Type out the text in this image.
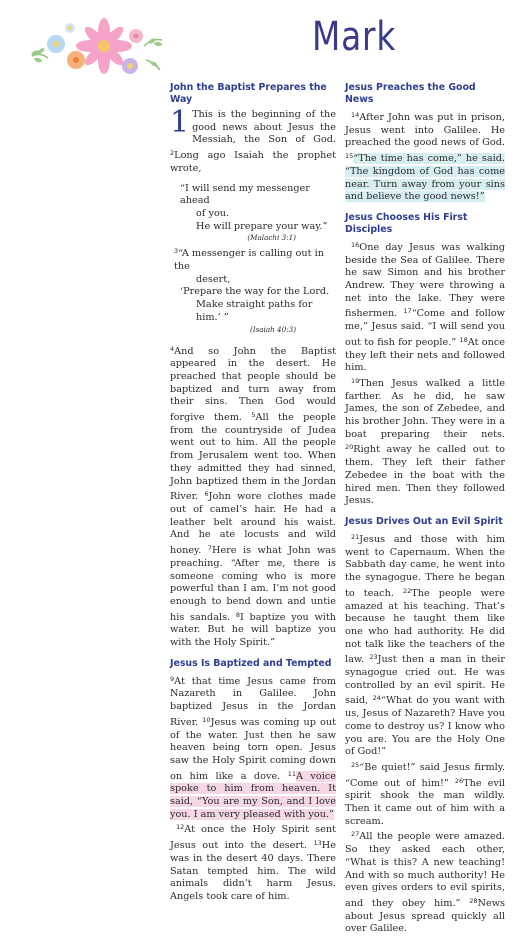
Mark
John the Baptist Prepares the Way

1 This is the beginning of the good news about Jesus the Messiah, the Son of God. $^2$Long ago Isaiah the prophet wrote,

“I will send my messenger ahead
of you.
He will prepare your way.”
(Malachi 3:1)
$^3$“A messenger is calling out in the
desert,
‘Prepare the way for the Lord.
Make straight paths for him.’ ”
(Isaiah 40:3)

$^4$And so John the Baptist appeared in the desert. He preached that people should be baptized and turn away from their sins. Then God would forgive them. $^5$All the people from the countryside of Judea went out to him. All the people from Jerusalem went too. When they admitted they had sinned, John baptized them in the Jordan River. $^6$John wore clothes made out of camel’s hair. He had a leather belt around his waist. And he ate locusts and wild honey. $^7$Here is what John was preaching. “After me, there is someone coming who is more powerful than I am. I’m not good enough to bend down and untie his sandals. $^8$I baptize you with water. But he will baptize you with the Holy Spirit.”

Jesus Is Baptized and Tempted

$^9$At that time Jesus came from Nazareth in Galilee. John baptized Jesus in the Jordan River. $^{10}$Jesus was coming up out of the water. Just then he saw heaven being torn open. Jesus saw the Holy Spirit coming down on him like a dove. $^{11}$A voice spoke to him from heaven. It said, “You are my Son, and I love you. I am very pleased with you.”

$^{12}$At once the Holy Spirit sent Jesus out into the desert. $^{13}$He was in the desert 40 days. There Satan tempted him. The wild animals didn’t harm Jesus. Angels took care of him.

Jesus Preaches the Good News

$^{14}$After John was put in prison, Jesus went into Galilee. He preached the good news of God. $^{15}$“The time has come,” he said. “The kingdom of God has come near. Turn away from your sins and believe the good news!”

Jesus Chooses His First Disciples

$^{16}$One day Jesus was walking beside the Sea of Galilee. There he saw Simon and his brother Andrew. They were throwing a net into the lake. They were fishermen. $^{17}$“Come and follow me,” Jesus said. “I will send you out to fish for people.” $^{18}$At once they left their nets and followed him.

$^{19}$Then Jesus walked a little farther. As he did, he saw James, the son of Zebedee, and his brother John. They were in a boat preparing their nets. $^{20}$Right away he called out to them. They left their father Zebedee in the boat with the hired men. Then they followed Jesus.

Jesus Drives Out an Evil Spirit

$^{21}$Jesus and those with him went to Capernaum. When the Sabbath day came, he went into the synagogue. There he began to teach. $^{22}$The people were amazed at his teaching. That’s because he taught them like one who had authority. He did not talk like the teachers of the law. $^{23}$Just then a man in their synagogue cried out. He was controlled by an evil spirit. He said, $^{24}$“What do you want with us, Jesus of Nazareth? Have you come to destroy us? I know who you are. You are the Holy One of God!”

$^{25}$“Be quiet!” said Jesus firmly. “Come out of him!” $^{26}$The evil spirit shook the man wildly. Then it came out of him with a scream.

$^{27}$All the people were amazed. So they asked each other, “What is this? A new teaching! And with so much authority! He even gives orders to evil spirits, and they obey him.” $^{28}$News about Jesus spread quickly all over Galilee.
